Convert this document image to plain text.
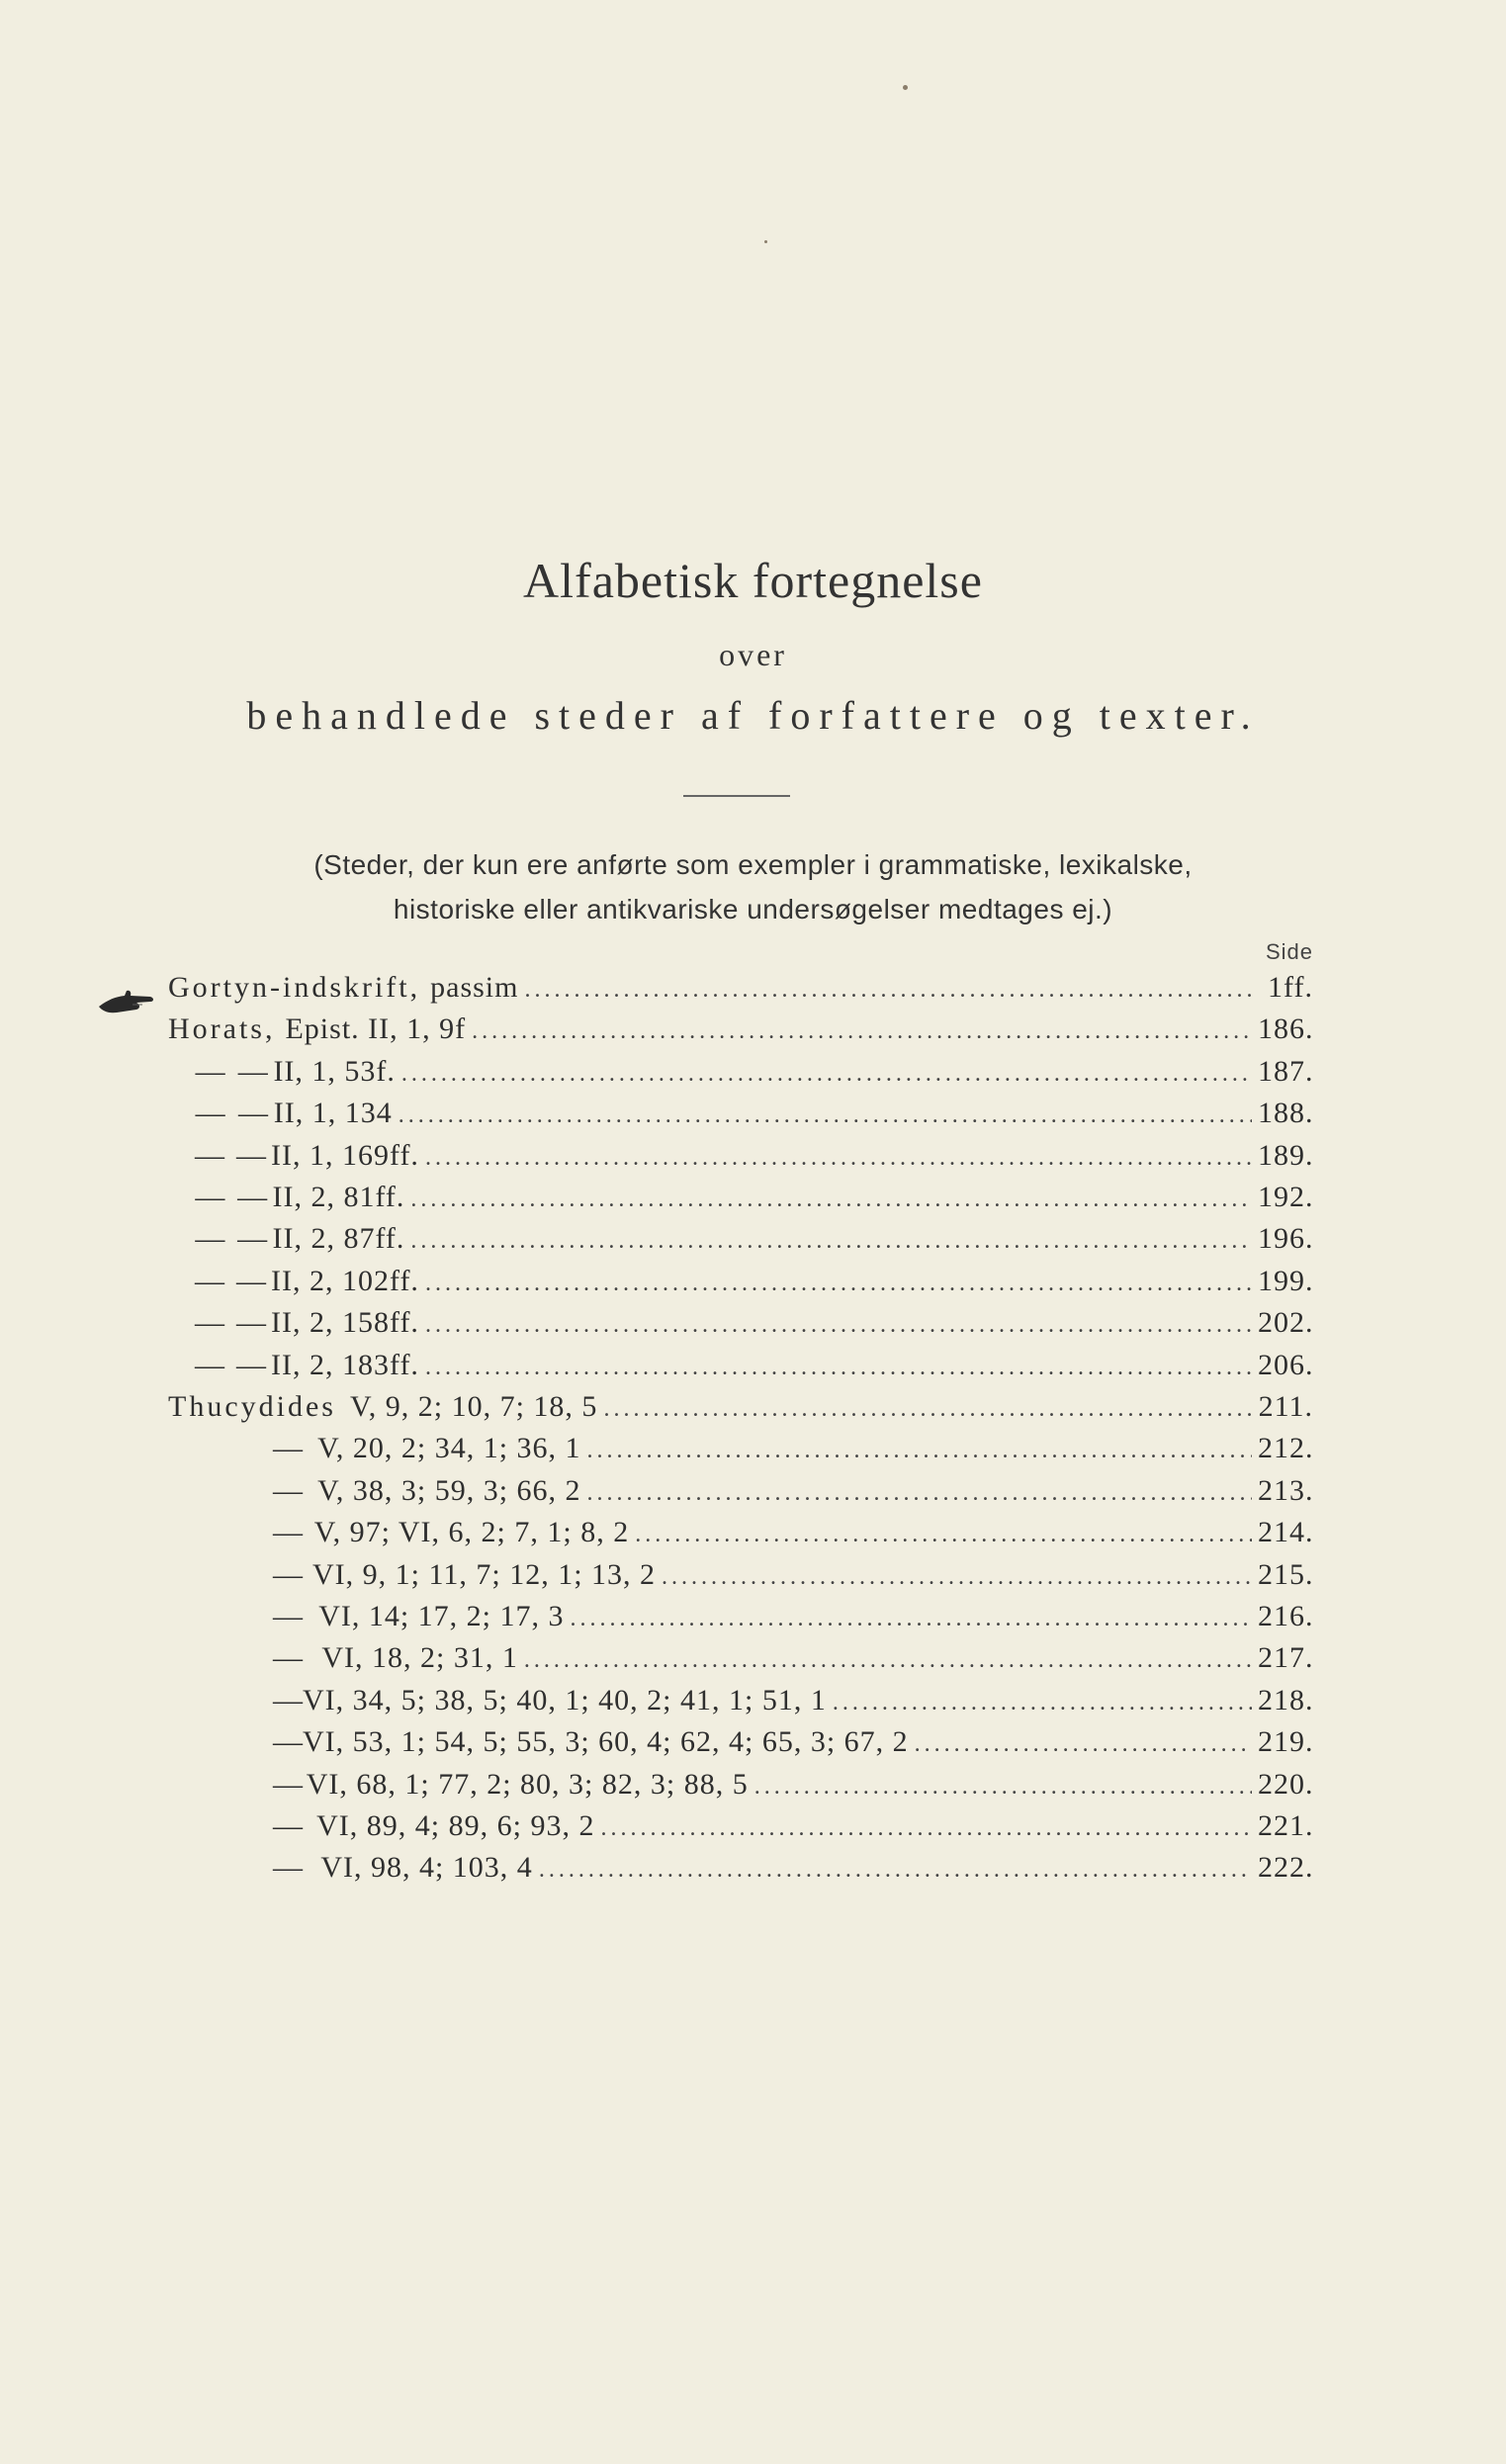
Alfabetisk fortegnelse
over
behandlede steder af forfattere og texter.
(Steder, der kun ere anførte som exempler i grammatiske, lexikalske,
historiske eller antikvariske undersøgelser medtages ej.)
Side
Gortyn-indskrift, passim .....	1ff.
Horats, Epist. II, 1, 9f .....	186.
— — II, 1, 53f. .....	187.
— — II, 1, 134 .....	188.
— — II, 1, 169ff. .....	189.
— — II, 2, 81ff. .....	192.
— — II, 2, 87ff. .....	196.
— — II, 2, 102ff. .....	199.
— — II, 2, 158ff. .....	202.
— — II, 2, 183ff. .....	206.
Thucydides V, 9, 2; 10, 7; 18, 5 .....	211.
— V, 20, 2; 34, 1; 36, 1 .....	212.
— V, 38, 3; 59, 3; 66, 2 .....	213.
— V, 97; VI, 6, 2; 7, 1; 8, 2 .....	214.
— VI, 9, 1; 11, 7; 12, 1; 13, 2 .....	215.
— VI, 14; 17, 2; 17, 3 .....	216.
— VI, 18, 2; 31, 1 .....	217.
— VI, 34, 5; 38, 5; 40, 1; 40, 2; 41, 1; 51, 1 .....	218.
— VI, 53, 1; 54, 5; 55, 3; 60, 4; 62, 4; 65, 3; 67, 2 .....	219.
— VI, 68, 1; 77, 2; 80, 3; 82, 3; 88, 5 .....	220.
— VI, 89, 4; 89, 6; 93, 2 .....	221.
— VI, 98, 4; 103, 4 .....	222.
